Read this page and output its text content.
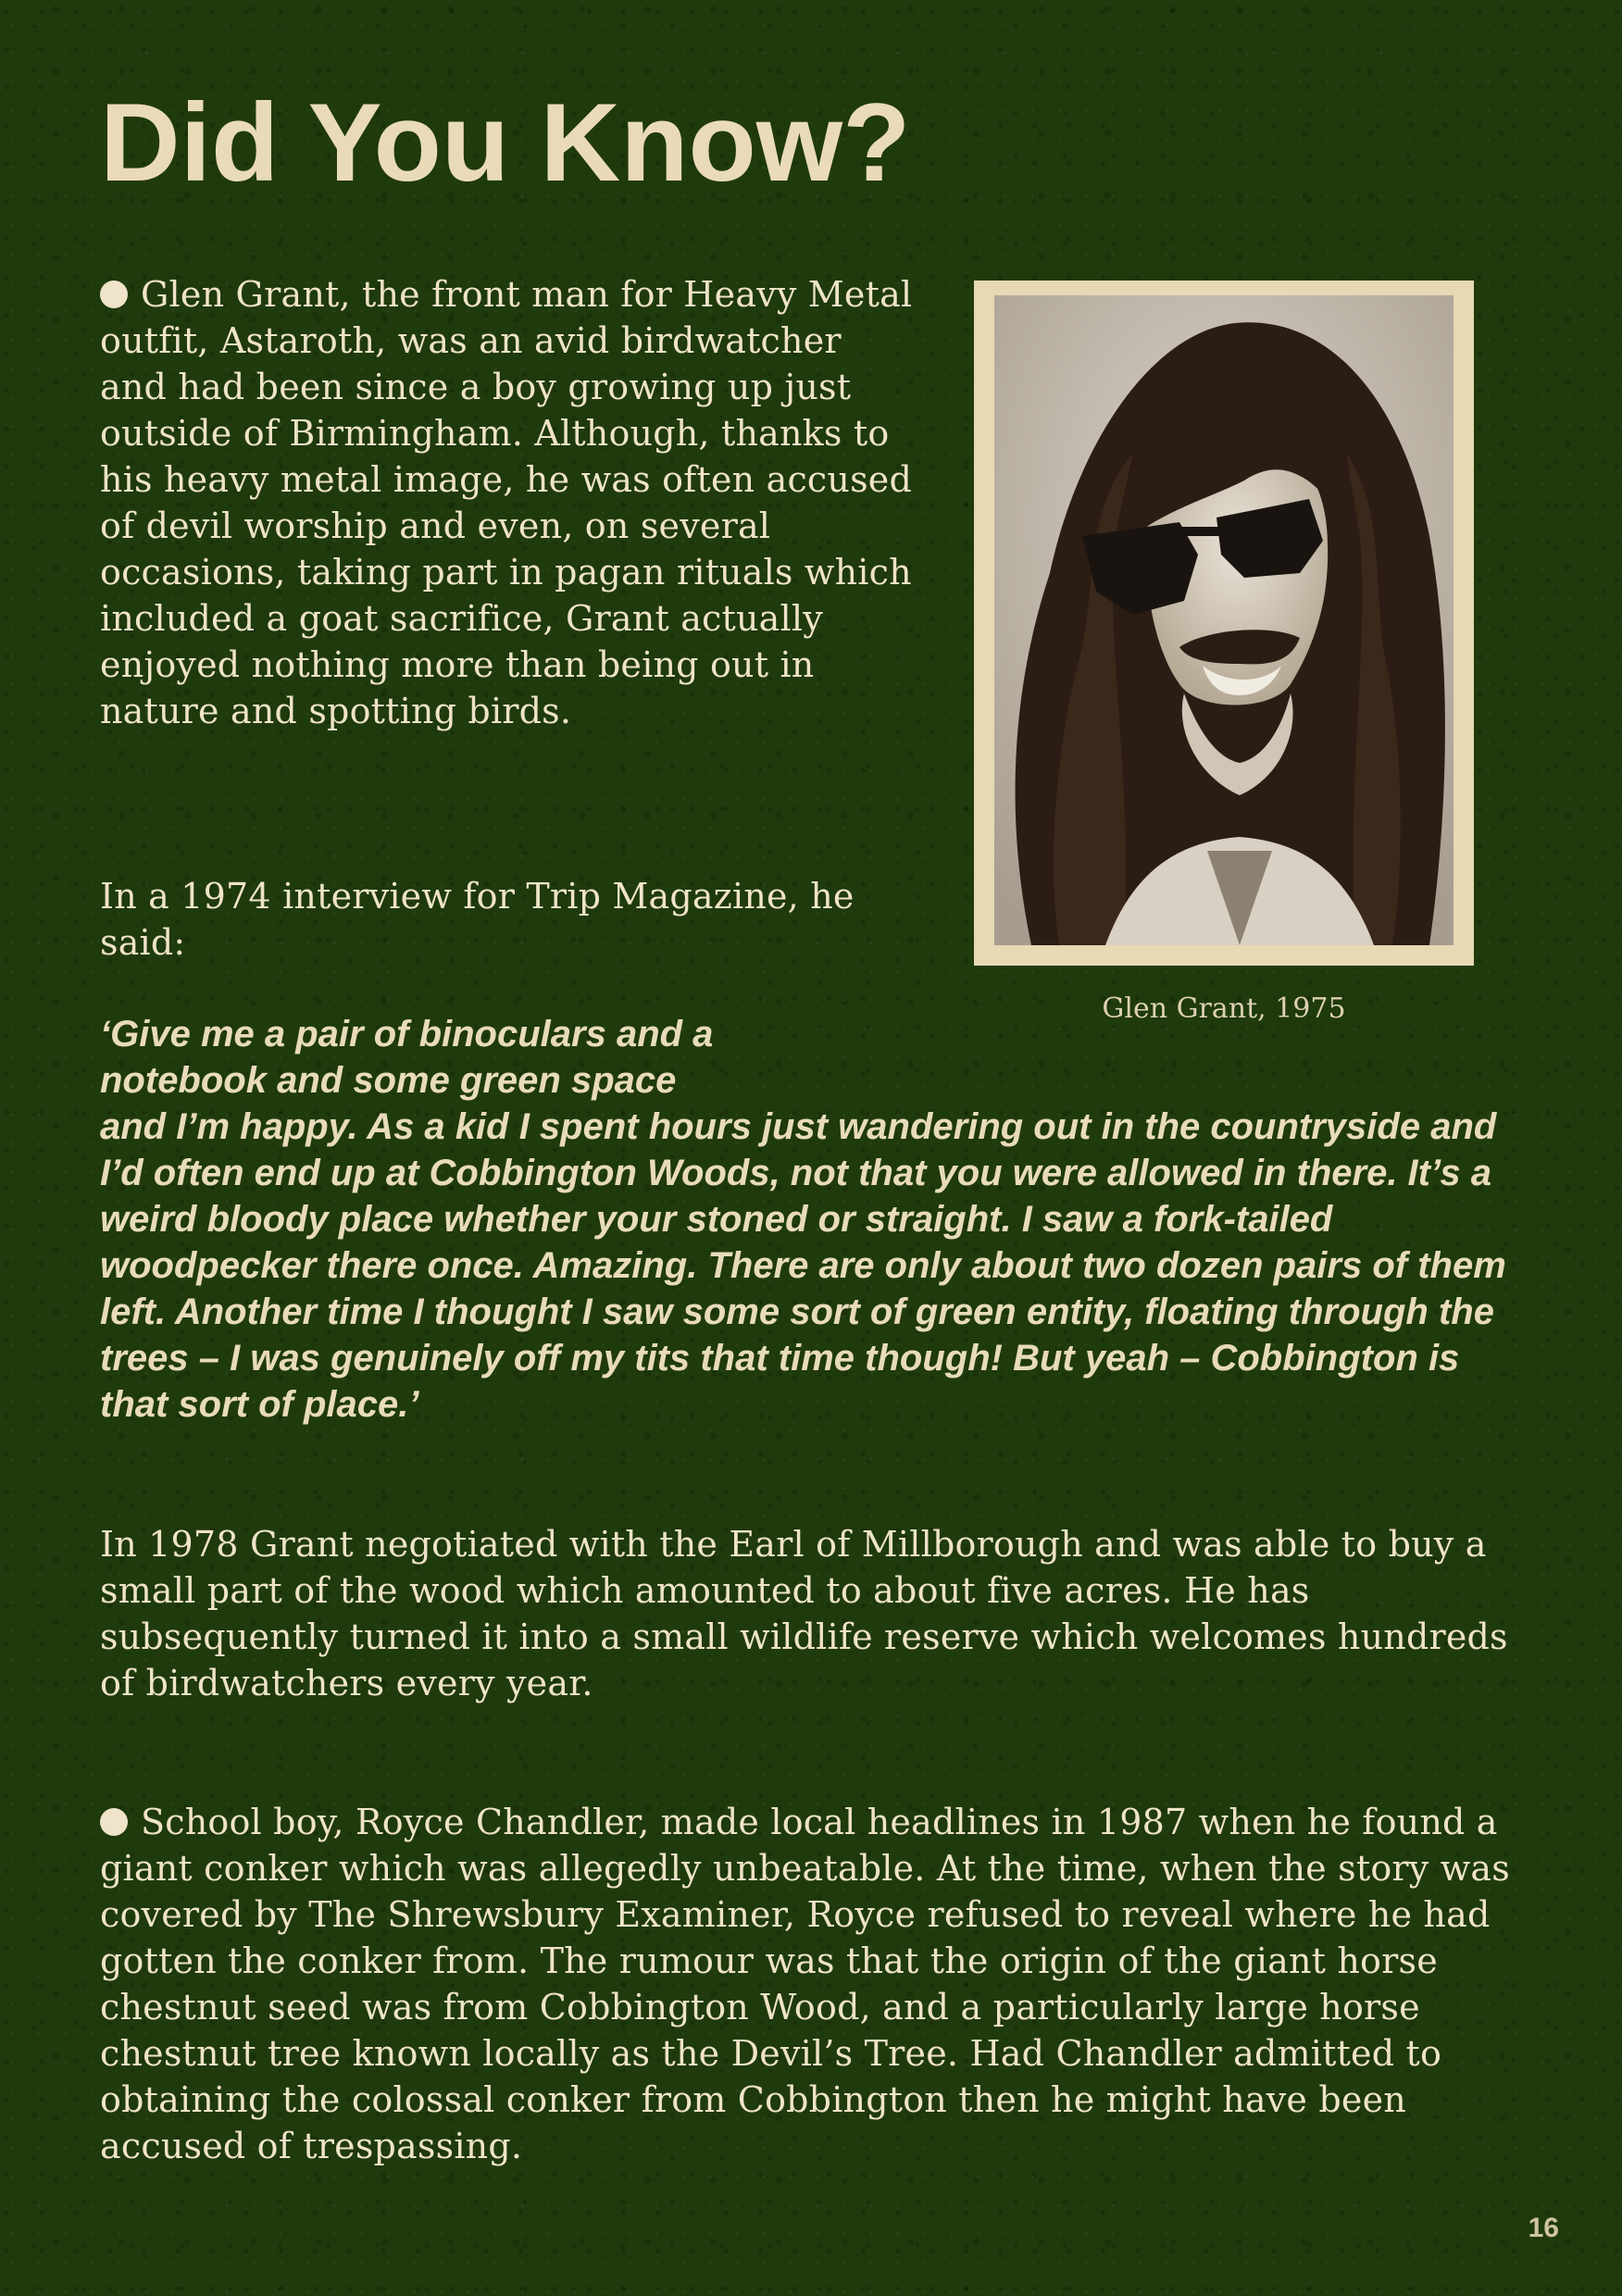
Did You Know?
Glen Grant, the front man for Heavy Metal outfit, Astaroth, was an avid birdwatcher and had been since a boy growing up just outside of Birmingham. Although, thanks to his heavy metal image, he was often accused of devil worship and even, on several occasions, taking part in pagan rituals which included a goat sacrifice, Grant actually enjoyed nothing more than being out in nature and spotting birds.
In a 1974 interview for Trip Magazine, he said:
‘Give me a pair of binoculars and a notebook and some green space
and I’m happy. As a kid I spent hours just wandering out in the countryside and I’d often end up at Cobbington Woods, not that you were allowed in there. It’s a weird bloody place whether your stoned or straight. I saw a fork-tailed woodpecker there once. Amazing. There are only about two dozen pairs of them left. Another time I thought I saw some sort of green entity, floating through the trees – I was genuinely off my tits that time though! But yeah – Cobbington is that sort of place.’
In 1978 Grant negotiated with the Earl of Millborough and was able to buy a small part of the wood which amounted to about five acres. He has subsequently turned it into a small wildlife reserve which welcomes hundreds of birdwatchers every year.
School boy, Royce Chandler, made local headlines in 1987 when he found a giant conker which was allegedly unbeatable. At the time, when the story was covered by The Shrewsbury Examiner, Royce refused to reveal where he had gotten the conker from. The rumour was that the origin of the giant horse chestnut seed was from Cobbington Wood, and a particularly large horse chestnut tree known locally as the Devil’s Tree. Had Chandler admitted to obtaining the colossal conker from Cobbington then he might have been accused of trespassing.
Glen Grant, 1975
16
